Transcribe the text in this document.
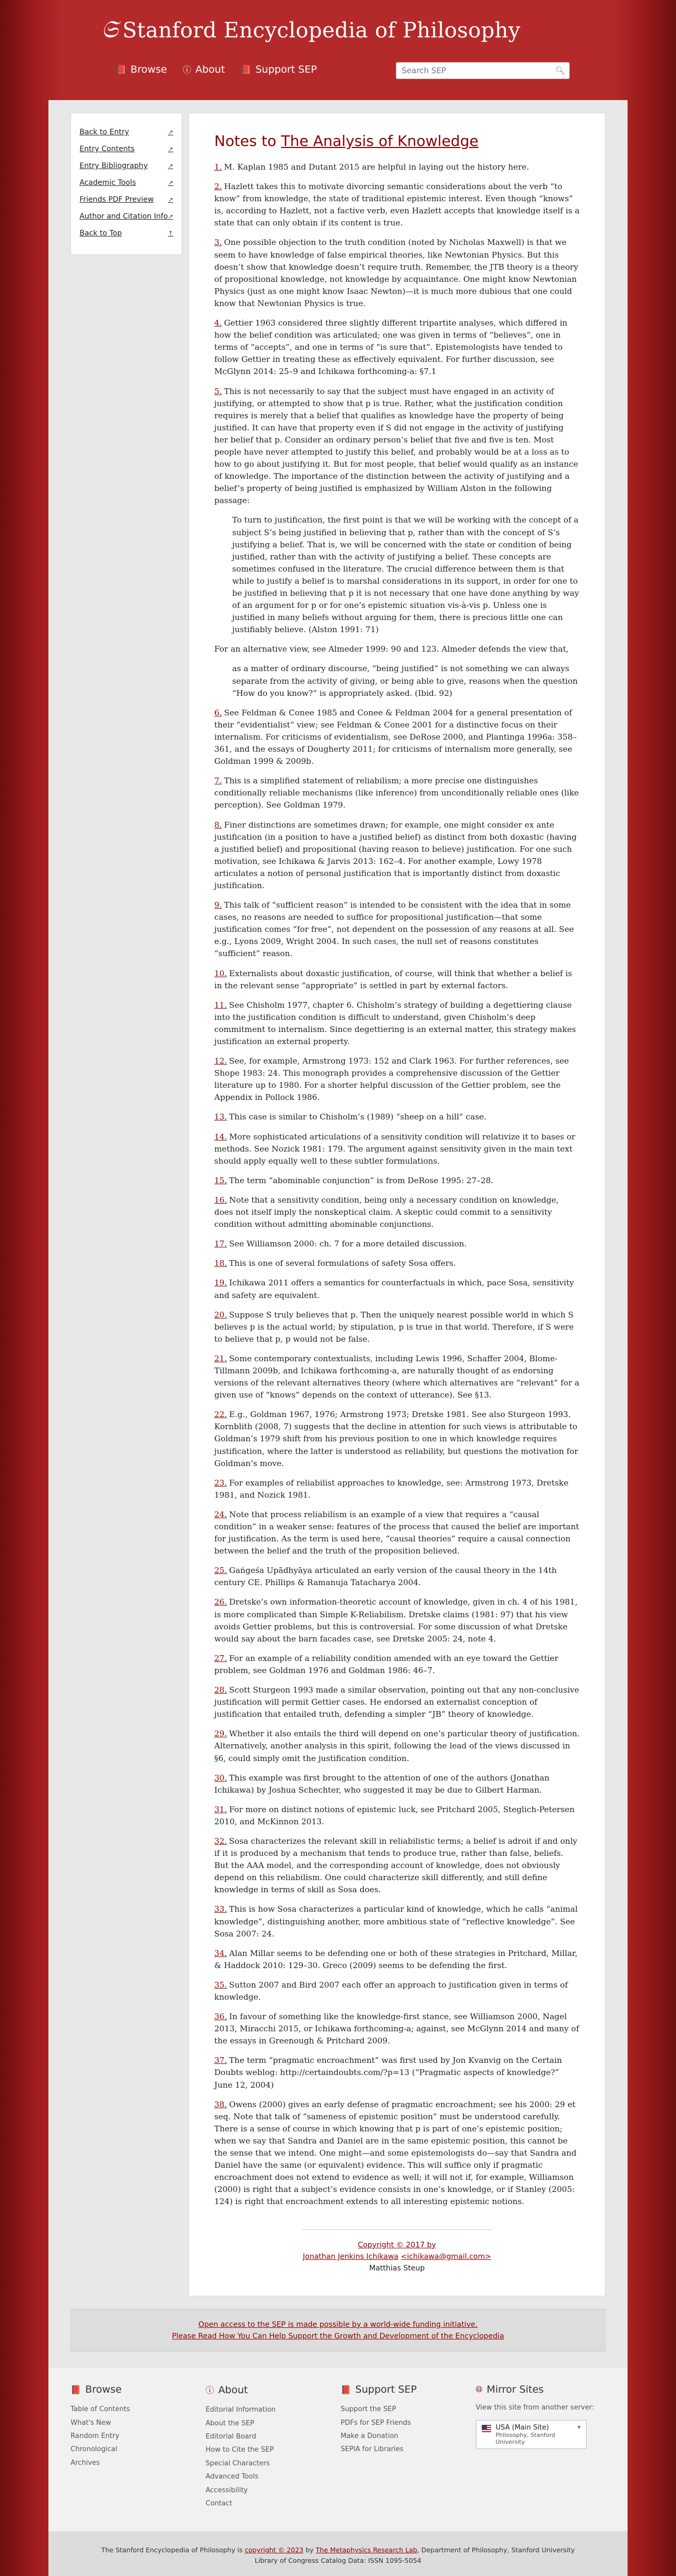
𝔖 Stanford Encyclopedia of Philosophy
📕 Browse ⓘ About 📕 Support SEP
Search SEP	🔍︎
Back to Entry	↗
Entry Contents	↗
Entry Bibliography	↗
Academic Tools	↗
Friends PDF Preview ↗
Author and Citation Info ↗
Back to Top	↑
Notes to The Analysis of Knowledge
1. M. Kaplan 1985 and Dutant 2015 are helpful in laying out the history here.
2. Hazlett takes this to motivate divorcing semantic considerations about the verb “to know” from knowledge, the state of traditional epistemic interest. Even though “knows” is, according to Hazlett, not a factive verb, even Hazlett accepts that knowledge itself is a state that can only obtain if its content is true.
3. One possible objection to the truth condition (noted by Nicholas Maxwell) is that we seem to have knowledge of false empirical theories, like Newtonian Physics. But this doesn’t show that knowledge doesn’t require truth. Remember, the JTB theory is a theory of propositional knowledge, not knowledge by acquaintance. One might know Newtonian Physics (just as one might know Isaac Newton)—it is much more dubious that one could know that Newtonian Physics is true.
4. Gettier 1963 considered three slightly different tripartite analyses, which differed in how the belief condition was articulated; one was given in terms of “believes”, one in terms of “accepts”, and one in terms of “is sure that”. Epistemologists have tended to follow Gettier in treating these as effectively equivalent. For further discussion, see McGlynn 2014: 25–9 and Ichikawa forthcoming-a: §7.1
5. This is not necessarily to say that the subject must have engaged in an activity of justifying, or attempted to show that p is true. Rather, what the justification condition requires is merely that a belief that qualifies as knowledge have the property of being justified. It can have that property even if S did not engage in the activity of justifying her belief that p. Consider an ordinary person’s belief that five and five is ten. Most people have never attempted to justify this belief, and probably would be at a loss as to how to go about justifying it. But for most people, that belief would qualify as an instance of knowledge. The importance of the distinction between the activity of justifying and a belief’s property of being justified is emphasized by William Alston in the following passage:
To turn to justification, the first point is that we will be working with the concept of a subject S’s being justified in believing that p, rather than with the concept of S’s justifying a belief. That is, we will be concerned with the state or condition of being justified, rather than with the activity of justifying a belief. These concepts are sometimes confused in the literature. The crucial difference between them is that while to justify a belief is to marshal considerations in its support, in order for one to be justified in believing that p it is not necessary that one have done anything by way of an argument for p or for one’s epistemic situation vis-à-vis p. Unless one is justified in many beliefs without arguing for them, there is precious little one can justifiably believe. (Alston 1991: 71)
For an alternative view, see Almeder 1999: 90 and 123. Almeder defends the view that,
as a matter of ordinary discourse, “being justified” is not something we can always separate from the activity of giving, or being able to give, reasons when the question “How do you know?” is appropriately asked. (Ibid. 92)
6. See Feldman & Conee 1985 and Conee & Feldman 2004 for a general presentation of their “evidentialist” view; see Feldman & Conee 2001 for a distinctive focus on their internalism. For criticisms of evidentialism, see DeRose 2000, and Plantinga 1996a: 358–361, and the essays of Dougherty 2011; for criticisms of internalism more generally, see Goldman 1999 & 2009b.
7. This is a simplified statement of reliabilism; a more precise one distinguishes conditionally reliable mechanisms (like inference) from unconditionally reliable ones (like perception). See Goldman 1979.
8. Finer distinctions are sometimes drawn; for example, one might consider ex ante justification (in a position to have a justified belief) as distinct from both doxastic (having a justified belief) and propositional (having reason to believe) justification. For one such motivation, see Ichikawa & Jarvis 2013: 162–4. For another example, Lowy 1978 articulates a notion of personal justification that is importantly distinct from doxastic justification.
9. This talk of “sufficient reason” is intended to be consistent with the idea that in some cases, no reasons are needed to suffice for propositional justification—that some justification comes “for free”, not dependent on the possession of any reasons at all. See e.g., Lyons 2009, Wright 2004. In such cases, the null set of reasons constitutes “sufficient” reason.
10. Externalists about doxastic justification, of course, will think that whether a belief is in the relevant sense “appropriate” is settled in part by external factors.
11. See Chisholm 1977, chapter 6. Chisholm’s strategy of building a degettiering clause into the justification condition is difficult to understand, given Chisholm’s deep commitment to internalism. Since degettiering is an external matter, this strategy makes justification an external property.
12. See, for example, Armstrong 1973: 152 and Clark 1963. For further references, see Shope 1983: 24. This monograph provides a comprehensive discussion of the Gettier literature up to 1980. For a shorter helpful discussion of the Gettier problem, see the Appendix in Pollock 1986.
13. This case is similar to Chisholm’s (1989) “sheep on a hill” case.
14. More sophisticated articulations of a sensitivity condition will relativize it to bases or methods. See Nozick 1981: 179. The argument against sensitivity given in the main text should apply equally well to these subtler formulations.
15. The term “abominable conjunction” is from DeRose 1995: 27–28.
16. Note that a sensitivity condition, being only a necessary condition on knowledge, does not itself imply the nonskeptical claim. A skeptic could commit to a sensitivity condition without admitting abominable conjunctions.
17. See Williamson 2000: ch. 7 for a more detailed discussion.
18. This is one of several formulations of safety Sosa offers.
19. Ichikawa 2011 offers a semantics for counterfactuals in which, pace Sosa, sensitivity and safety are equivalent.
20. Suppose S truly believes that p. Then the uniquely nearest possible world in which S believes p is the actual world; by stipulation, p is true in that world. Therefore, if S were to believe that p, p would not be false.
21. Some contemporary contextualists, including Lewis 1996, Schaffer 2004, Blome-Tillmann 2009b, and Ichikawa forthcoming-a, are naturally thought of as endorsing versions of the relevant alternatives theory (where which alternatives are “relevant” for a given use of “knows” depends on the context of utterance). See §13.
22. E.g., Goldman 1967, 1976; Armstrong 1973; Dretske 1981. See also Sturgeon 1993. Kornblith (2008, 7) suggests that the decline in attention for such views is attributable to Goldman’s 1979 shift from his previous position to one in which knowledge requires justification, where the latter is understood as reliability, but questions the motivation for Goldman’s move.
23. For examples of reliabilist approaches to knowledge, see: Armstrong 1973, Dretske 1981, and Nozick 1981.
24. Note that process reliabilism is an example of a view that requires a “causal condition” in a weaker sense: features of the process that caused the belief are important for justification. As the term is used here, “causal theories” require a causal connection between the belief and the truth of the proposition believed.
25. Gaṅgeśa Upādhyāya articulated an early version of the causal theory in the 14th century CE. Phillips & Ramanuja Tatacharya 2004.
26. Dretske’s own information-theoretic account of knowledge, given in ch. 4 of his 1981, is more complicated than Simple K-Reliabilism. Dretske claims (1981: 97) that his view avoids Gettier problems, but this is controversial. For some discussion of what Dretske would say about the barn facades case, see Dretske 2005: 24, note 4.
27. For an example of a reliability condition amended with an eye toward the Gettier problem, see Goldman 1976 and Goldman 1986: 46–7.
28. Scott Sturgeon 1993 made a similar observation, pointing out that any non-conclusive justification will permit Gettier cases. He endorsed an externalist conception of justification that entailed truth, defending a simpler “JB” theory of knowledge.
29. Whether it also entails the third will depend on one’s particular theory of justification. Alternatively, another analysis in this spirit, following the lead of the views discussed in §6, could simply omit the justification condition.
30. This example was first brought to the attention of one of the authors (Jonathan Ichikawa) by Joshua Schechter, who suggested it may be due to Gilbert Harman.
31. For more on distinct notions of epistemic luck, see Pritchard 2005, Steglich-Petersen 2010, and McKinnon 2013.
32. Sosa characterizes the relevant skill in reliabilistic terms; a belief is adroit if and only if it is produced by a mechanism that tends to produce true, rather than false, beliefs. But the AAA model, and the corresponding account of knowledge, does not obviously depend on this reliabilism. One could characterize skill differently, and still define knowledge in terms of skill as Sosa does.
33. This is how Sosa characterizes a particular kind of knowledge, which he calls “animal knowledge”, distinguishing another, more ambitious state of “reflective knowledge”. See Sosa 2007: 24.
34. Alan Millar seems to be defending one or both of these strategies in Pritchard, Millar, & Haddock 2010: 129–30. Greco (2009) seems to be defending the first.
35. Sutton 2007 and Bird 2007 each offer an approach to justification given in terms of knowledge.
36. In favour of something like the knowledge-first stance, see Williamson 2000, Nagel 2013, Miracchi 2015, or Ichikawa forthcoming-a; against, see McGlynn 2014 and many of the essays in Greenough & Pritchard 2009.
37. The term “pragmatic encroachment” was first used by Jon Kvanvig on the Certain Doubts weblog: http://certaindoubts.com/?p=13 (“Pragmatic aspects of knowledge?” June 12, 2004)
38. Owens (2000) gives an early defense of pragmatic encroachment; see his 2000: 29 et seq. Note that talk of “sameness of epistemic position” must be understood carefully. There is a sense of course in which knowing that p is part of one’s epistemic position; when we say that Sandra and Daniel are in the same epistemic position, this cannot be the sense that we intend. One might—and some epistemologists do—say that Sandra and Daniel have the same (or equivalent) evidence. This will suffice only if pragmatic encroachment does not extend to evidence as well; it will not if, for example, Williamson (2000) is right that a subject’s evidence consists in one’s knowledge, or if Stanley (2005: 124) is right that encroachment extends to all interesting epistemic notions.
Copyright © 2017 by
Jonathan Jenkins Ichikawa <ichikawa@gmail.com>
Matthias Steup
Open access to the SEP is made possible by a world-wide funding initiative.
Please Read How You Can Help Support the Growth and Development of the Encyclopedia
📕 Browse
Table of Contents
What's New
Random Entry
Chronological
Archives
ⓘ About
Editorial Information
About the SEP
Editorial Board
How to Cite the SEP
Special Characters
Advanced Tools
Accessibility
Contact
📕 Support SEP
Support the SEP
PDFs for SEP Friends
Make a Donation
SEPIA for Libraries
🌐︎ Mirror Sites
View this site from another server:
USA (Main Site)
Philosophy, Stanford University
▾
The Stanford Encyclopedia of Philosophy is copyright © 2023 by The Metaphysics Research Lab, Department of Philosophy, Stanford University
Library of Congress Catalog Data: ISSN 1095-5054
